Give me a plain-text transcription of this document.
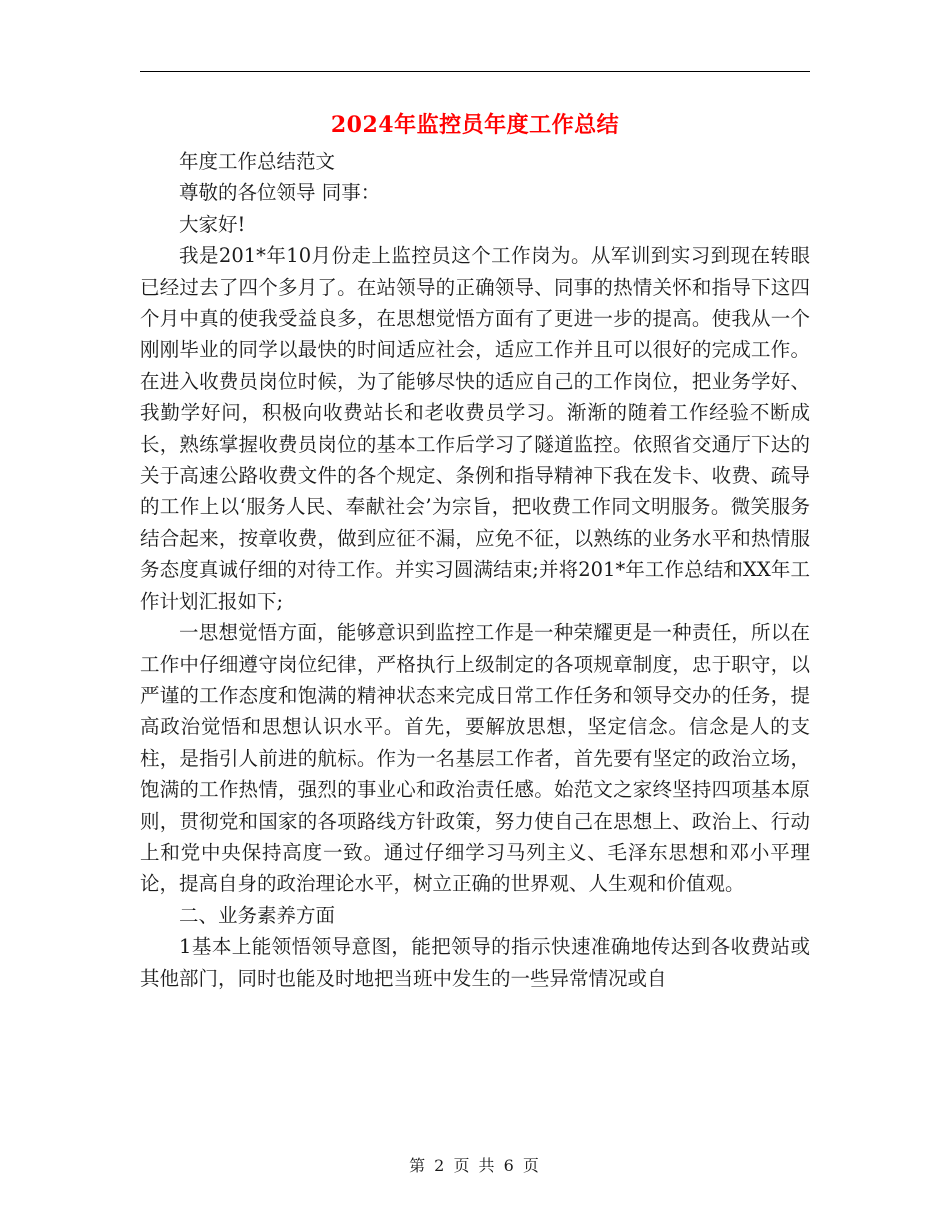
2024年监控员年度工作总结

年度工作总结范文

尊敬的各位领导 同事：

大家好!

我是201*年10月份走上监控员这个工作岗为。从军训到实习到现在转眼已经过去了四个多月了。在站领导的正确领导、同事的热情关怀和指导下这四个月中真的使我受益良多，在思想觉悟方面有了更进一步的提高。使我从一个刚刚毕业的同学以最快的时间适应社会，适应工作并且可以很好的完成工作。在进入收费员岗位时候，为了能够尽快的适应自己的工作岗位，把业务学好、我勤学好问，积极向收费站长和老收费员学习。渐渐的随着工作经验不断成长，熟练掌握收费员岗位的基本工作后学习了隧道监控。依照省交通厅下达的关于高速公路收费文件的各个规定、条例和指导精神下我在发卡、收费、疏导的工作上以‘服务人民、奉献社会’为宗旨，把收费工作同文明服务。微笑服务结合起来，按章收费，做到应征不漏，应免不征，以熟练的业务水平和热情服务态度真诚仔细的对待工作。并实习圆满结束;并将201*年工作总结和XX年工作计划汇报如下;

一思想觉悟方面，能够意识到监控工作是一种荣耀更是一种责任，所以在工作中仔细遵守岗位纪律，严格执行上级制定的各项规章制度，忠于职守，以严谨的工作态度和饱满的精神状态来完成日常工作任务和领导交办的任务，提高政治觉悟和思想认识水平。首先，要解放思想，坚定信念。信念是人的支柱，是指引人前进的航标。作为一名基层工作者，首先要有坚定的政治立场，饱满的工作热情，强烈的事业心和政治责任感。始范文之家终坚持四项基本原则，贯彻党和国家的各项路线方针政策，努力使自己在思想上、政治上、行动上和党中央保持高度一致。通过仔细学习马列主义、毛泽东思想和邓小平理论，提高自身的政治理论水平，树立正确的世界观、人生观和价值观。

二、业务素养方面

1基本上能领悟领导意图，能把领导的指示快速准确地传达到各收费站或其他部门，同时也能及时地把当班中发生的一些异常情况或自

第 2 页 共 6 页
